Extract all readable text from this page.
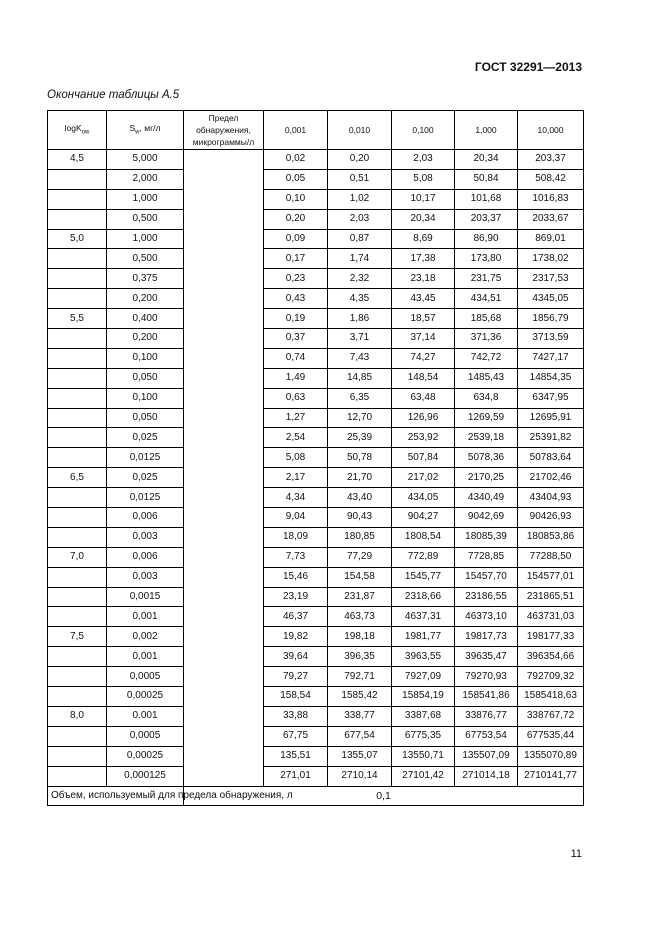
ГОСТ 32291—2013
Окончание таблицы А.5
logK$_{ow}$	$S_w$, мг/л	Предел обнаружения, микрограммы/л	0,001	0,010	0,100	1,000	10,000
4,5	5,000		0,02	0,20	2,03	20,34	203,37
	2,000		0,05	0,51	5,08	50,84	508,42
	1,000		0,10	1,02	10,17	101,68	1016,83
	0,500		0,20	2,03	20,34	203,37	2033,67
5,0	1,000		0,09	0,87	8,69	86,90	869,01
	0,500		0,17	1,74	17,38	173,80	1738,02
	0,375		0,23	2,32	23,18	231,75	2317,53
	0,200		0,43	4,35	43,45	434,51	4345,05
5,5	0,400		0,19	1,86	18,57	185,68	1856,79
	0,200		0,37	3,71	37,14	371,36	3713,59
	0,100		0,74	7,43	74,27	742,72	7427,17
	0,050		1,49	14,85	148,54	1485,43	14854,35
	0,100		0,63	6,35	63,48	634,8	6347,95
	0,050		1,27	12,70	126,96	1269,59	12695,91
	0,025		2,54	25,39	253,92	2539,18	25391,82
	0,0125		5,08	50,78	507,84	5078,36	50783,64
6,5	0,025		2,17	21,70	217,02	2170,25	21702,46
	0,0125		4,34	43,40	434,05	4340,49	43404,93
	0,006		9,04	90,43	904,27	9042,69	90426,93
	0,003		18,09	180,85	1808,54	18085,39	180853,86
7,0	0,006		7,73	77,29	772,89	7728,85	77288,50
	0,003		15,46	154,58	1545,77	15457,70	154577,01
	0,0015		23,19	231,87	2318,66	23186,55	231865,51
	0,001		46,37	463,73	4637,31	46373,10	463731,03
7,5	0,002		19,82	198,18	1981,77	19817,73	198177,33
	0,001		39,64	396,35	3963,55	39635,47	396354,66
	0,0005		79,27	792,71	7927,09	79270,93	792709,32
	0,00025		158,54	1585,42	15854,19	158541,86	1585418,63
8,0	0.001		33,88	338,77	3387,68	33876,77	338767,72
	0,0005		67,75	677,54	6775,35	67753,54	677535,44
	0,00025		135,51	1355,07	13550,71	135507,09	1355070,89
	0,000125		271,01	2710,14	27101,42	271014,18	2710141,77
Объем, используемый для предела обнаружения, л		0,1					
11
